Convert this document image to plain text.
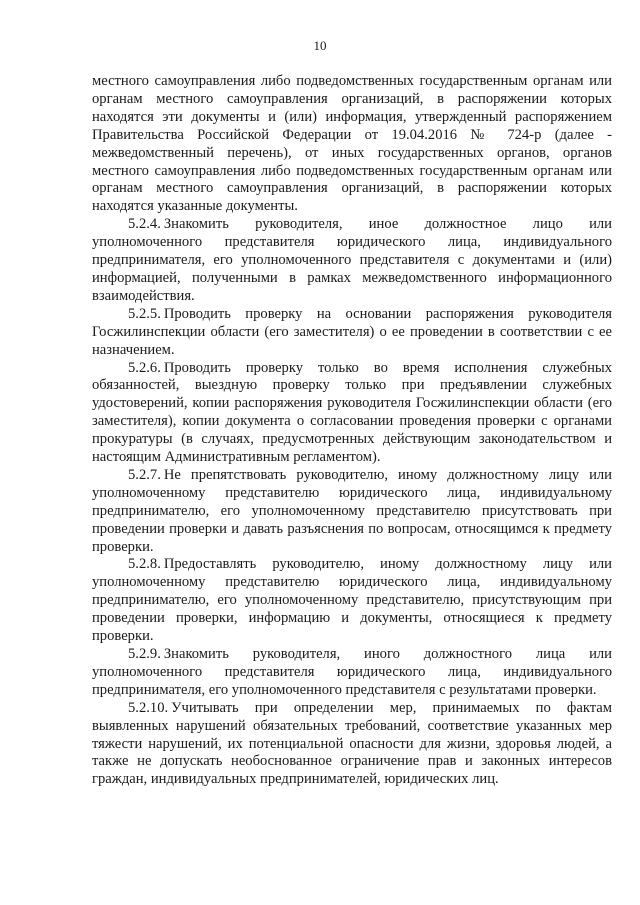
10

местного самоуправления либо подведомственных государственным органам или органам местного самоуправления организаций, в распоряжении которых находятся эти документы и (или) информация, утвержденный распоряжением Правительства Российской Федерации от 19.04.2016 № 724-р (далее - межведомственный перечень), от иных государственных органов, органов местного самоуправления либо подведомственных государственным органам или органам местного самоуправления организаций, в распоряжении которых находятся указанные документы.

5.2.4. Знакомить руководителя, иное должностное лицо или уполномоченного представителя юридического лица, индивидуального предпринимателя, его уполномоченного представителя с документами и (или) информацией, полученными в рамках межведомственного информационного взаимодействия.

5.2.5. Проводить проверку на основании распоряжения руководителя Госжилинспекции области (его заместителя) о ее проведении в соответствии с ее назначением.

5.2.6. Проводить проверку только во время исполнения служебных обязанностей, выездную проверку только при предъявлении служебных удостоверений, копии распоряжения руководителя Госжилинспекции области (его заместителя), копии документа о согласовании проведения проверки с органами прокуратуры (в случаях, предусмотренных действующим законодательством и настоящим Административным регламентом).

5.2.7. Не препятствовать руководителю, иному должностному лицу или уполномоченному представителю юридического лица, индивидуальному предпринимателю, его уполномоченному представителю присутствовать при проведении проверки и давать разъяснения по вопросам, относящимся к предмету проверки.

5.2.8. Предоставлять руководителю, иному должностному лицу или уполномоченному представителю юридического лица, индивидуальному предпринимателю, его уполномоченному представителю, присутствующим при проведении проверки, информацию и документы, относящиеся к предмету проверки.

5.2.9. Знакомить руководителя, иного должностного лица или уполномоченного представителя юридического лица, индивидуального предпринимателя, его уполномоченного представителя с результатами проверки.

5.2.10. Учитывать при определении мер, принимаемых по фактам выявленных нарушений обязательных требований, соответствие указанных мер тяжести нарушений, их потенциальной опасности для жизни, здоровья людей, а также не допускать необоснованное ограничение прав и законных интересов граждан, индивидуальных предпринимателей, юридических лиц.
